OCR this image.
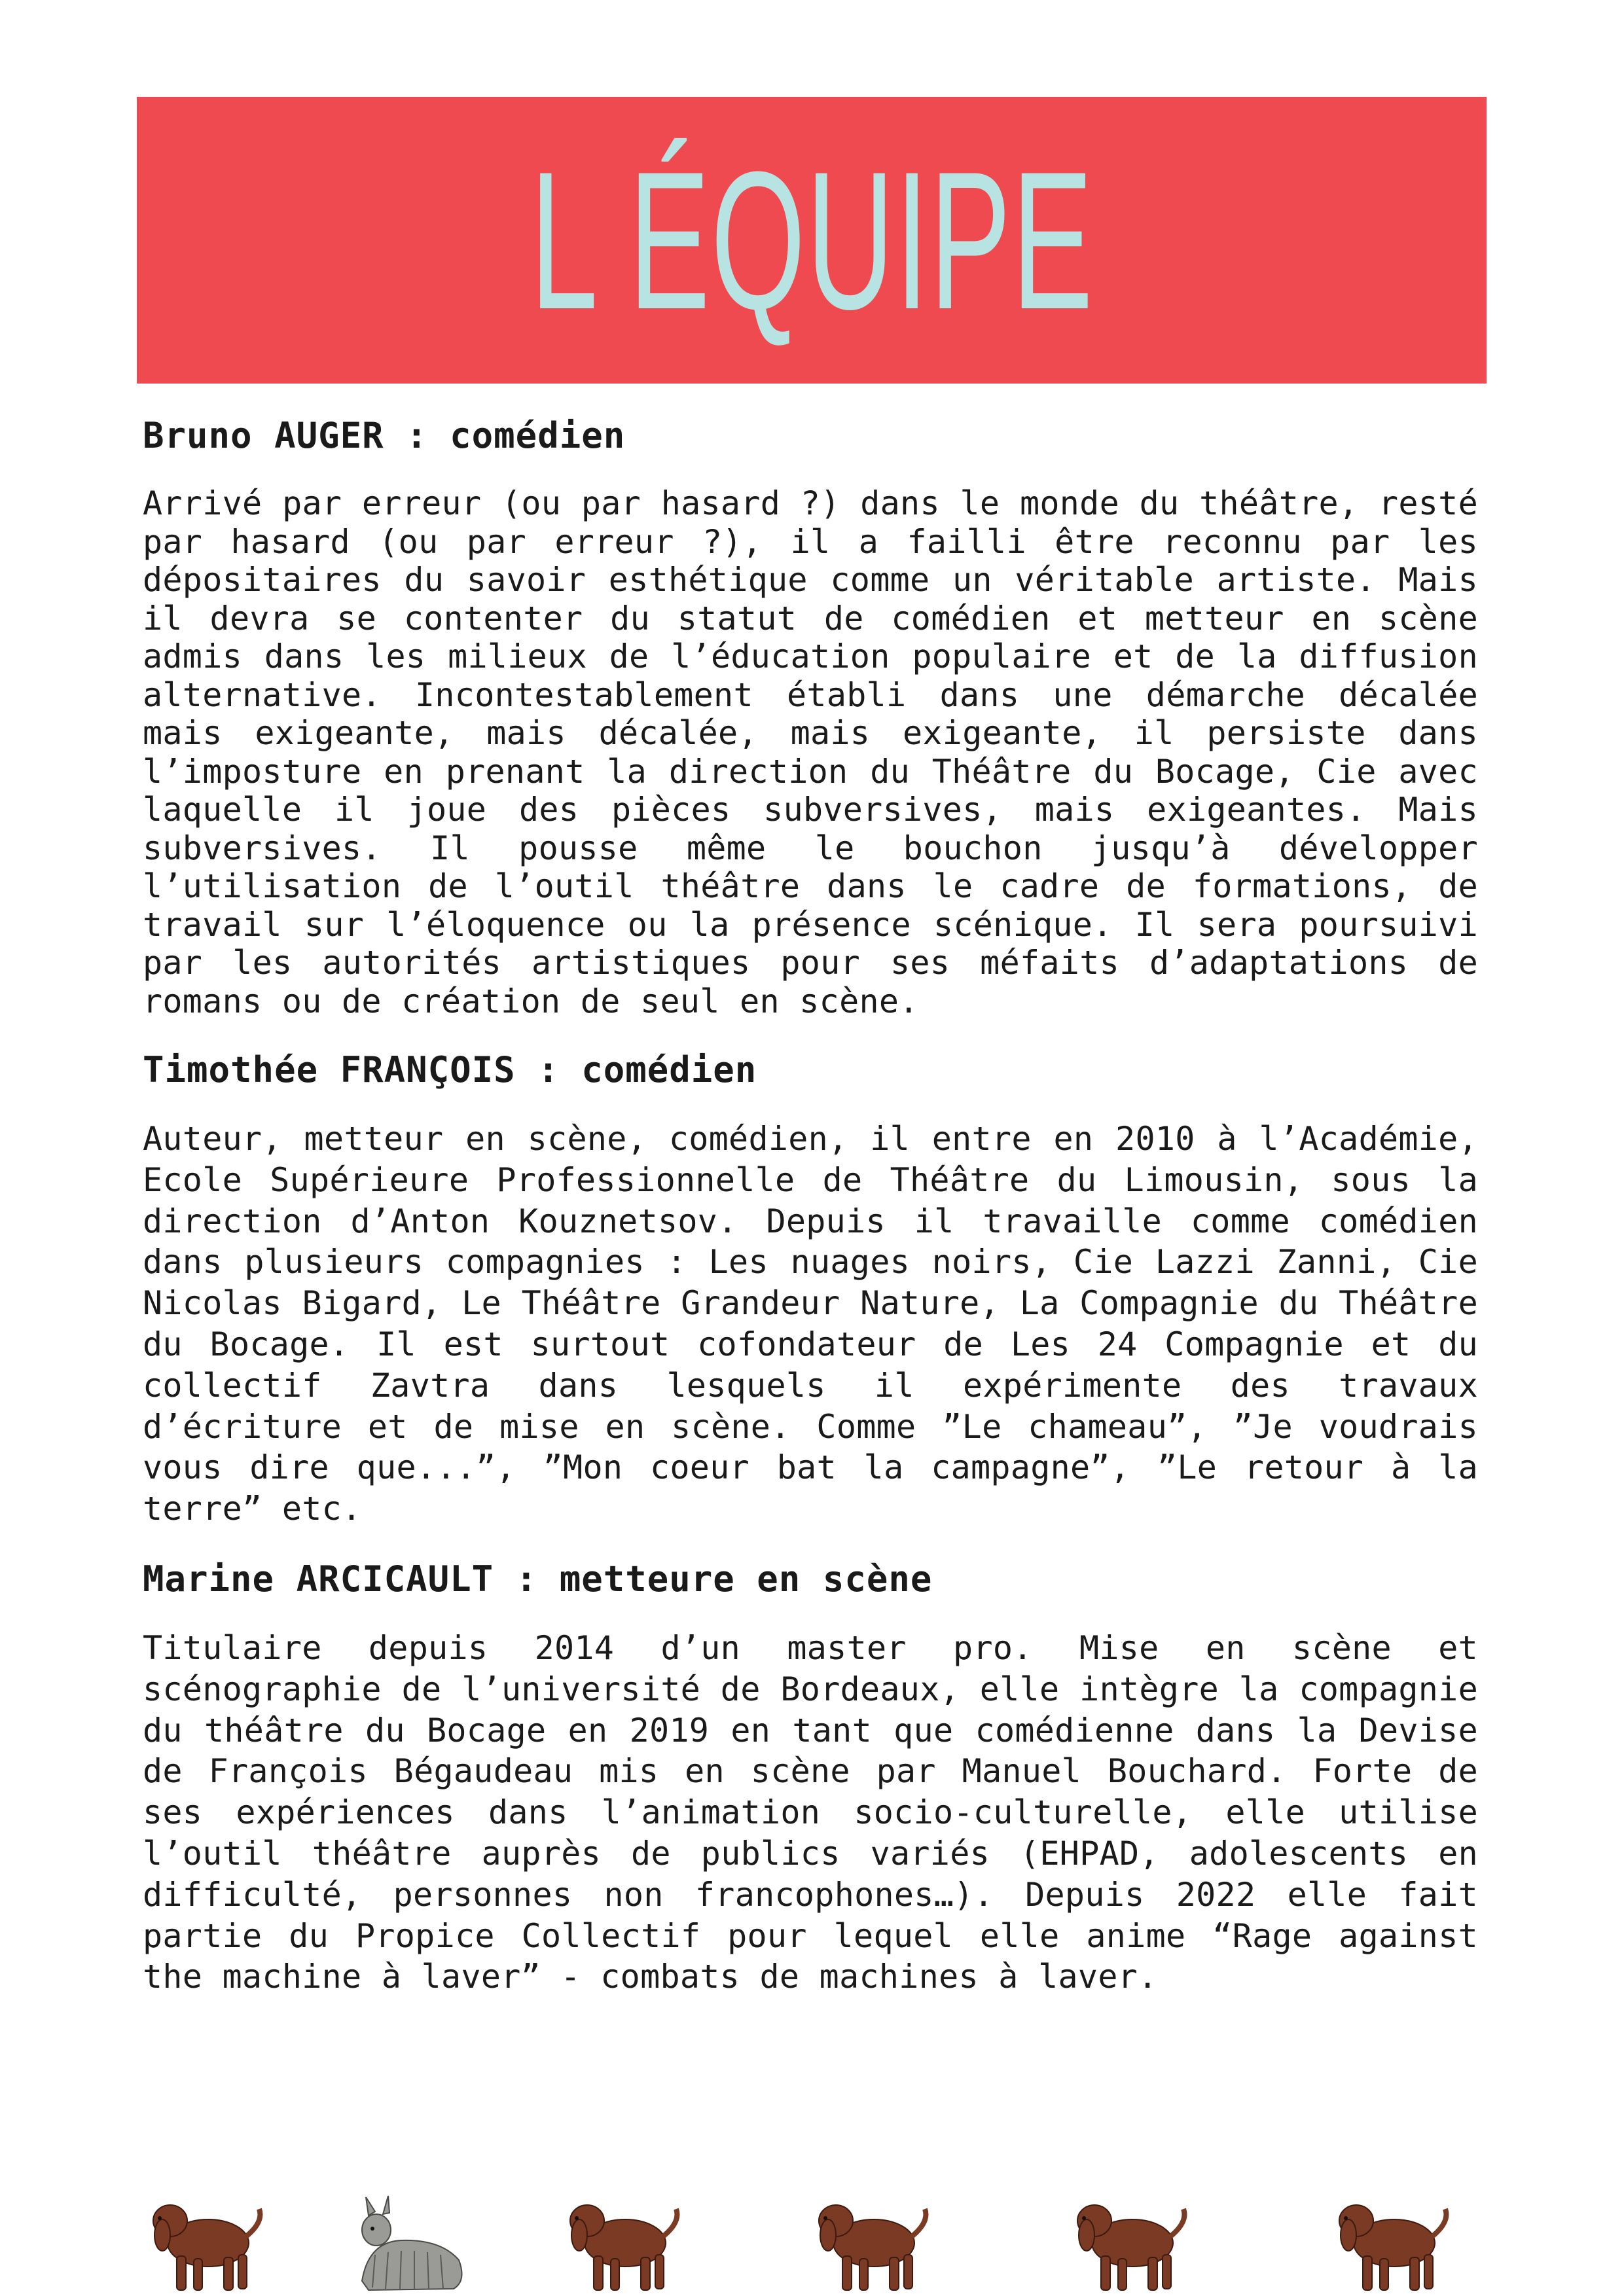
L ÉQUIPE
Bruno AUGER : comédien

Arrivé par erreur (ou par hasard ?) dans le monde du théâtre, resté par hasard (ou par erreur ?), il a failli être reconnu par les dépositaires du savoir esthétique comme un véritable artiste. Mais il devra se contenter du statut de comédien et metteur en scène admis dans les milieux de l’éducation populaire et de la diffusion alternative. Incontestablement établi dans une démarche décalée mais exigeante, mais décalée, mais exigeante, il persiste dans l’imposture en prenant la direction du Théâtre du Bocage, Cie avec laquelle il joue des pièces subversives, mais exigeantes. Mais subversives. Il pousse même le bouchon jusqu’à développer l’utilisation de l’outil théâtre dans le cadre de formations, de travail sur l’éloquence ou la présence scénique. Il sera poursuivi par les autorités artistiques pour ses méfaits d’adaptations de romans ou de création de seul en scène.

Timothée FRANÇOIS : comédien

Auteur, metteur en scène, comédien, il entre en 2010 à l’Académie, Ecole Supérieure Professionnelle de Théâtre du Limousin, sous la direction d’Anton Kouznetsov. Depuis il travaille comme comédien dans plusieurs compagnies : Les nuages noirs, Cie Lazzi Zanni, Cie Nicolas Bigard, Le Théâtre Grandeur Nature, La Compagnie du Théâtre du Bocage. Il est surtout cofondateur de Les 24 Compagnie et du collectif Zavtra dans lesquels il expérimente des travaux d’écriture et de mise en scène. Comme ”Le chameau”, ”Je voudrais vous dire que...”, ”Mon coeur bat la campagne”, ”Le retour à la terre” etc.

Marine ARCICAULT : metteure en scène

Titulaire depuis 2014 d’un master pro. Mise en scène et scénographie de l’université de Bordeaux, elle intègre la compagnie du théâtre du Bocage en 2019 en tant que comédienne dans la Devise de François Bégaudeau mis en scène par Manuel Bouchard. Forte de ses expériences dans l’animation socio-culturelle, elle utilise l’outil théâtre auprès de publics variés (EHPAD, adolescents en difficulté, personnes non francophones…). Depuis 2022 elle fait partie du Propice Collectif pour lequel elle anime “Rage against the machine à laver” - combats de machines à laver.
